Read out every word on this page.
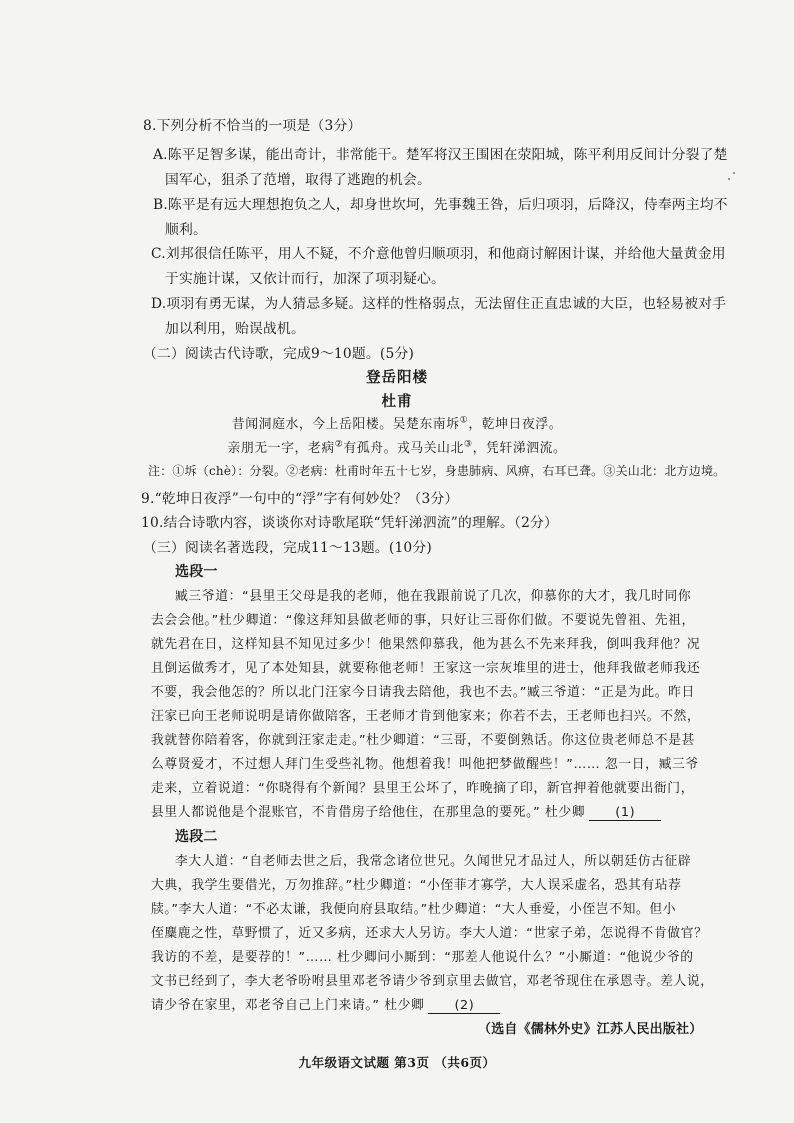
8.下列分析不恰当的一项是（3分）
A.陈平足智多谋，能出奇计，非常能干。楚军将汉王围困在荥阳城，陈平利用反间计分裂了楚
国军心，狙杀了范增，取得了逃跑的机会。
B.陈平是有远大理想抱负之人，却身世坎坷，先事魏王咎，后归项羽，后降汉，侍奉两主均不
顺利。
C.刘邦很信任陈平，用人不疑，不介意他曾归顺项羽，和他商讨解困计谋，并给他大量黄金用
于实施计谋，又依计而行，加深了项羽疑心。
D.项羽有勇无谋，为人猜忌多疑。这样的性格弱点，无法留住正直忠诚的大臣，也轻易被对手
加以利用，贻误战机。
（二）阅读古代诗歌，完成9～10题。(5分)
登岳阳楼
杜甫
昔闻洞庭水，今上岳阳楼。吴楚东南坼①，乾坤日夜浮。
亲朋无一字，老病②有孤舟。戎马关山北③，凭轩涕泗流。
注：①坼（chè）：分裂。②老病：杜甫时年五十七岁，身患肺病、风痹，右耳已聋。③关山北：北方边境。
9.“乾坤日夜浮”一句中的“浮”字有何妙处？（3分）
10.结合诗歌内容，谈谈你对诗歌尾联“凭轩涕泗流”的理解。（2分）
（三）阅读名著选段，完成11～13题。(10分)
选段一
臧三爷道：“县里王父母是我的老师，他在我跟前说了几次，仰慕你的大才，我几时同你
去会会他。”杜少卿道：“像这拜知县做老师的事，只好让三哥你们做。不要说先曾祖、先祖，
就先君在日，这样知县不知见过多少！他果然仰慕我，他为甚么不先来拜我，倒叫我拜他？况
且倒运做秀才，见了本处知县，就要称他老师！王家这一宗灰堆里的进士，他拜我做老师我还
不要，我会他怎的？所以北门汪家今日请我去陪他，我也不去。”臧三爷道：“正是为此。昨日
汪家已向王老师说明是请你做陪客，王老师才肯到他家来；你若不去，王老师也扫兴。不然，
我就替你陪着客，你就到汪家走走。”杜少卿道：“三哥，不要倒熟话。你这位贵老师总不是甚
么尊贤爱才，不过想人拜门生受些礼物。他想着我！叫他把梦做醒些！”…… 忽一日，臧三爷
走来，立着说道：“你晓得有个新闻？县里王公坏了，昨晚摘了印，新官押着他就要出衙门，
县里人都说他是个混账官，不肯借房子给他住，在那里急的要死。” 杜少卿 (1)
选段二
李大人道：“自老师去世之后，我常念诸位世兄。久闻世兄才品过人，所以朝廷仿古征辟
大典，我学生要借光，万勿推辞。”杜少卿道：“小侄菲才寡学，大人误采虚名，恐其有玷荐
牍。”李大人道：“不必太谦，我便向府县取结。”杜少卿道：“大人垂爱，小侄岂不知。但小
侄麋鹿之性，草野惯了，近又多病，还求大人另访。李大人道：“世家子弟，怎说得不肯做官？
我访的不差，是要荐的！”…… 杜少卿问小厮到：“那差人他说什么？”小厮道：“他说少爷的
文书已经到了，李大老爷吩咐县里邓老爷请少爷到京里去做官，邓老爷现住在承恩寺。差人说，
请少爷在家里，邓老爷自己上门来请。” 杜少卿 (2)
（选自《儒林外史》江苏人民出版社）
九年级语文试题 第3页 （共6页）
